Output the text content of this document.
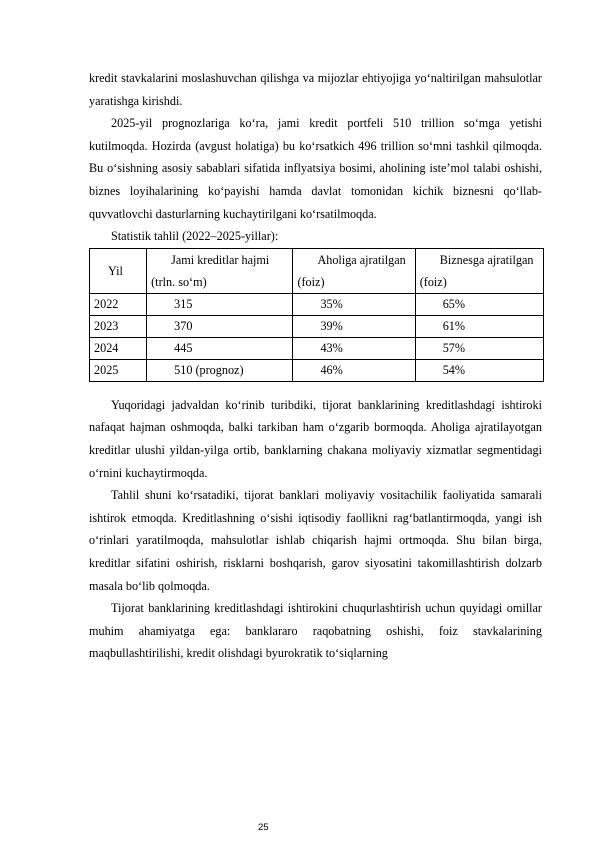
kredit stavkalarini moslashuvchan qilishga va mijozlar ehtiyojiga yo‘naltirilgan mahsulotlar yaratishga kirishdi.

2025-yil prognozlariga ko‘ra, jami kredit portfeli 510 trillion so‘mga yetishi kutilmoqda. Hozirda (avgust holatiga) bu ko‘rsatkich 496 trillion so‘mni tashkil qilmoqda. Bu o‘sishning asosiy sabablari sifatida inflyatsiya bosimi, aholining iste’mol talabi oshishi, biznes loyihalarining ko‘payishi hamda davlat tomonidan kichik biznesni qo‘llab-quvvatlovchi dasturlarning kuchaytirilgani ko‘rsatilmoqda.

Statistik tahlil (2022–2025-yillar):

Yil	Jami kreditlar hajmi (trln. so‘m)	Aholiga ajratilgan (foiz)	Biznesga ajratilgan (foiz)

2022	315	35%	65%
2023	370	39%	61%
2024	445	43%	57%
2025	510 (prognoz)	46%	54%

Yuqoridagi jadvaldan ko‘rinib turibdiki, tijorat banklarining kreditlashdagi ishtiroki nafaqat hajman oshmoqda, balki tarkiban ham o‘zgarib bormoqda. Aholiga ajratilayotgan kreditlar ulushi yildan-yilga ortib, banklarning chakana moliyaviy xizmatlar segmentidagi o‘rnini kuchaytirmoqda.

Tahlil shuni ko‘rsatadiki, tijorat banklari moliyaviy vositachilik faoliyatida samarali ishtirok etmoqda. Kreditlashning o‘sishi iqtisodiy faollikni rag‘batlantirmoqda, yangi ish o‘rinlari yaratilmoqda, mahsulotlar ishlab chiqarish hajmi ortmoqda. Shu bilan birga, kreditlar sifatini oshirish, risklarni boshqarish, garov siyosatini takomillashtirish dolzarb masala bo‘lib qolmoqda.

Tijorat banklarining kreditlashdagi ishtirokini chuqurlashtirish uchun quyidagi omillar muhim ahamiyatga ega: banklararo raqobatning oshishi, foiz stavkalarining maqbullashtirilishi, kredit olishdagi byurokratik to‘siqlarning

25
